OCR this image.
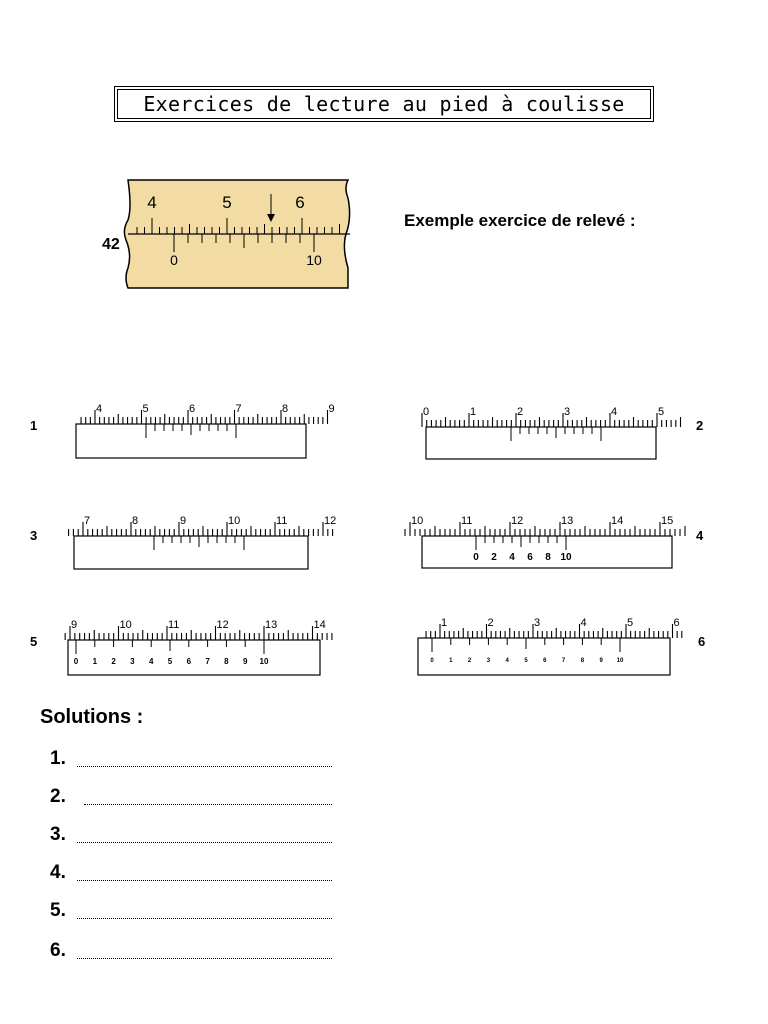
Exercices de lecture au pied à coulisse
4	5	6
0	10
42
Exemple exercice de relevé :
4	5	6	7	8	9	0	1	2	3	4	5
7	8	9	10	11	12	10	11	12	13	14	15
0 2 4 6 8 10
9	10	11	12	13	14
0 1 2 3 4 5 6 7 8 9 10
1	2	3	4	5	6
0	1	2	3	4	5	6	7	8	9 10
1	2
3	4
5	6
Solutions :
1.
2.
3.
4.
5.
6.
